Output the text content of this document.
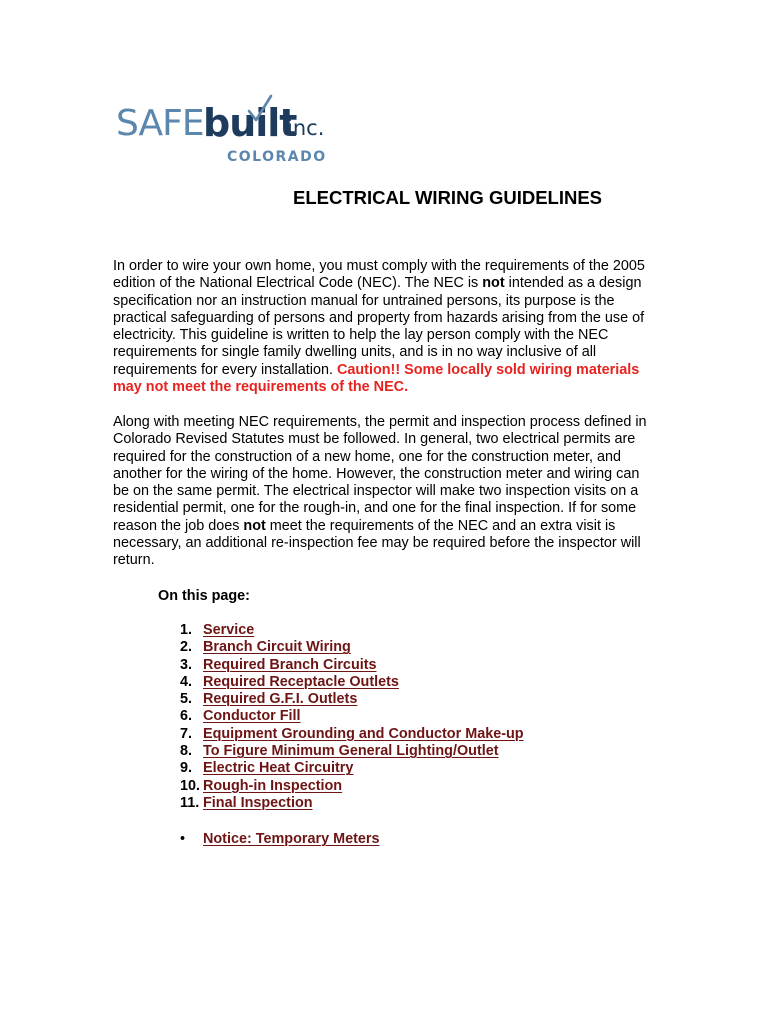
SAFE built
inc.
COLORADO
ELECTRICAL WIRING GUIDELINES

In order to wire your own home, you must comply with the requirements of the 2005 edition of the National Electrical Code (NEC). The NEC is not intended as a design specification nor an instruction manual for untrained persons, its purpose is the practical safeguarding of persons and property from hazards arising from the use of electricity. This guideline is written to help the lay person comply with the NEC requirements for single family dwelling units, and is in no way inclusive of all requirements for every installation. Caution!! Some locally sold wiring materials may not meet the requirements of the NEC.

Along with meeting NEC requirements, the permit and inspection process defined in Colorado Revised Statutes must be followed. In general, two electrical permits are required for the construction of a new home, one for the construction meter, and another for the wiring of the home. However, the construction meter and wiring can be on the same permit. The electrical inspector will make two inspection visits on a residential permit, one for the rough-in, and one for the final inspection. If for some reason the job does not meet the requirements of the NEC and an extra visit is necessary, an additional re-inspection fee may be required before the inspector will return.

On this page:

1. Service
2. Branch Circuit Wiring
3. Required Branch Circuits
4. Required Receptacle Outlets
5. Required G.F.I. Outlets
6. Conductor Fill
7. Equipment Grounding and Conductor Make-up
8. To Figure Minimum General Lighting/Outlet
9. Electric Heat Circuitry
10. Rough-in Inspection
11. Final Inspection
• Notice: Temporary Meters
